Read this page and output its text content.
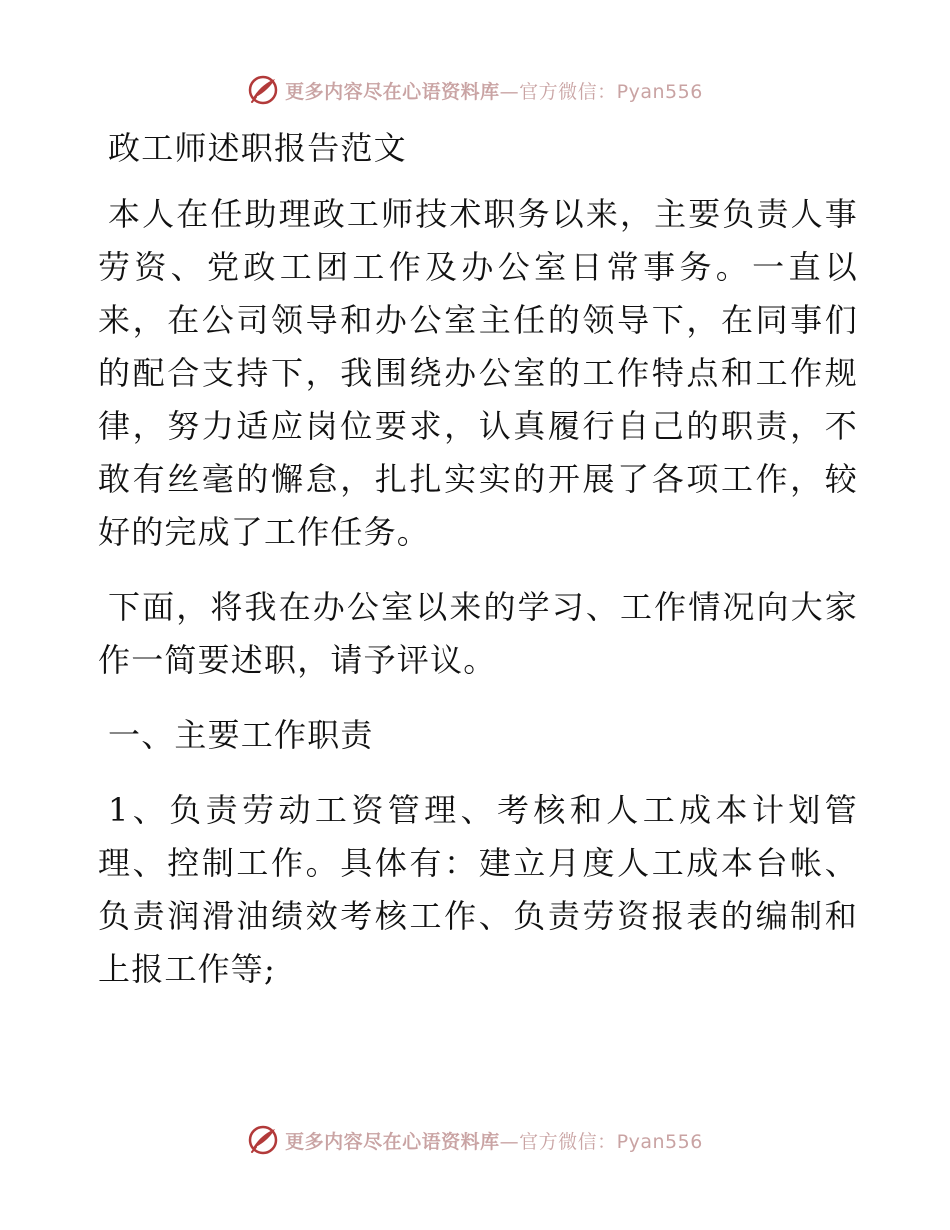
更多内容尽在心语资料库—官方微信：Pyan556

政工师述职报告范文

本人在任助理政工师技术职务以来，主要负责人事劳资、党政工团工作及办公室日常事务。一直以来，在公司领导和办公室主任的领导下，在同事们的配合支持下，我围绕办公室的工作特点和工作规律，努力适应岗位要求，认真履行自己的职责，不敢有丝毫的懈怠，扎扎实实的开展了各项工作，较好的完成了工作任务。

下面，将我在办公室以来的学习、工作情况向大家作一简要述职，请予评议。

一、主要工作职责

1、负责劳动工资管理、考核和人工成本计划管理、控制工作。具体有：建立月度人工成本台帐、负责润滑油绩效考核工作、负责劳资报表的编制和上报工作等;

更多内容尽在心语资料库—官方微信：Pyan556
